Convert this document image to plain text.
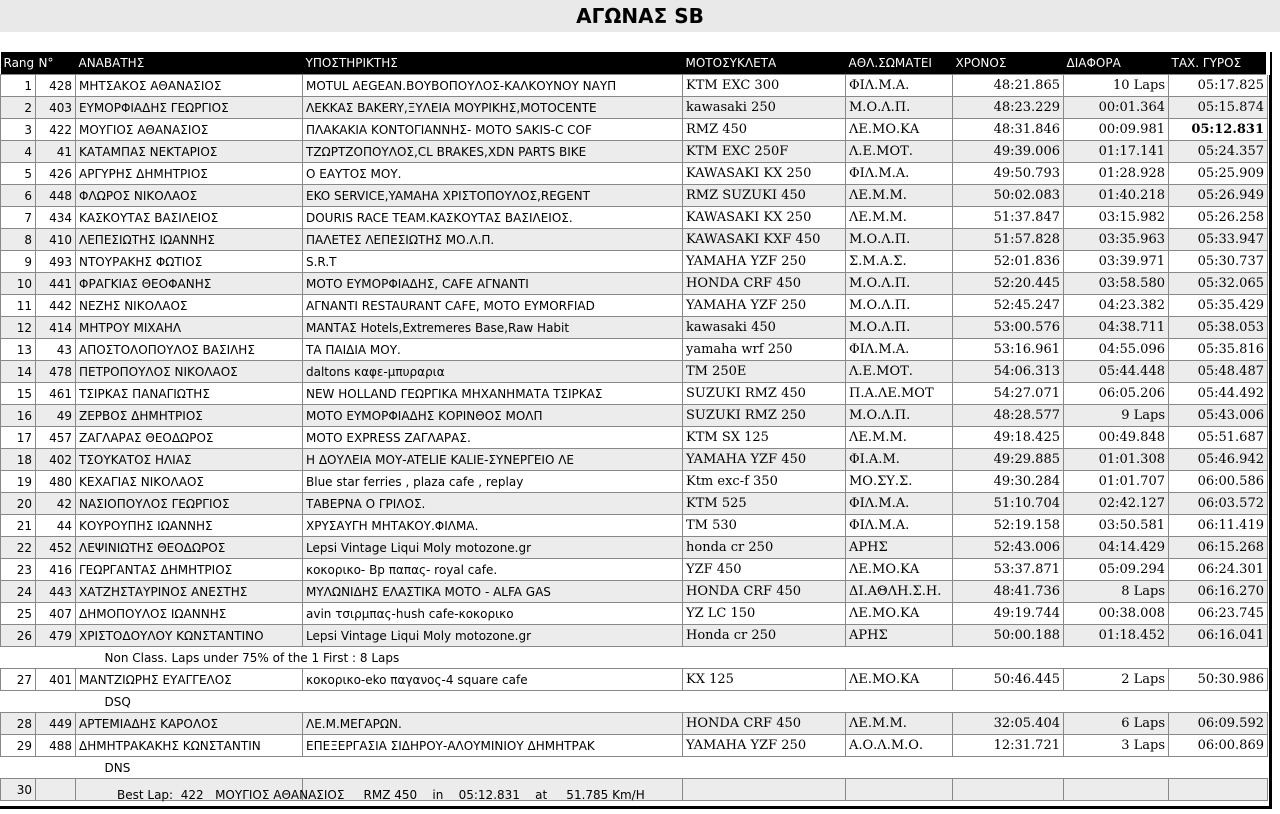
ΑΓΩΝΑΣ SB
Rang	N°	ΑΝΑΒΑΤΗΣ	ΥΠΟΣΤΗΡΙΚΤΗΣ	ΜΟΤΟΣΥΚΛΕΤΑ	ΑΘΛ.ΣΩΜΑΤΕΙ	ΧΡΟΝΟΣ	ΔΙΑΦΟΡΑ	ΤΑΧ. ΓΥΡΟΣ
1	428	ΜΗΤΣΑΚΟΣ ΑΘΑΝΑΣΙΟΣ	MOTUL AEGEAN.ΒΟΥΒΟΠΟΥΛΟΣ-ΚΑΛΚΟΥΝΟΥ ΝΑΥΠ	KTM EXC 300	ΦΙΛ.Μ.Α.	48:21.865	10 Laps	05:17.825
2	403	ΕΥΜΟΡΦΙΑΔΗΣ ΓΕΩΡΓΙΟΣ	ΛΕΚΚΑΣ BAKERY,ΞΥΛΕΙΑ ΜΟΥΡΙΚΗΣ,MOTOCENTE	kawasaki 250	Μ.Ο.Λ.Π.	48:23.229	00:01.364	05:15.874
3	422	ΜΟΥΓΙΟΣ ΑΘΑΝΑΣΙΟΣ	ΠΛΑΚΑΚΙΑ ΚΟΝΤΟΓΙΑΝΝΗΣ- MOTO SAKIS-C COF	RMZ 450	ΛΕ.ΜΟ.ΚΑ	48:31.846	00:09.981	05:12.831
4	41	ΚΑΤΑΜΠΑΣ ΝΕΚΤΑΡΙΟΣ	ΤΖΩΡΤΖΟΠΟΥΛΟΣ,CL BRAKES,XDN PARTS BIKE	KTM EXC 250F	Λ.Ε.ΜΟΤ.	49:39.006	01:17.141	05:24.357
5	426	ΑΡΓΥΡΗΣ ΔΗΜΗΤΡΙΟΣ	Ο ΕΑΥΤΟΣ ΜΟΥ.	KAWASAKI KX 250	ΦΙΛ.Μ.Α.	49:50.793	01:28.928	05:25.909
6	448	ΦΛΩΡΟΣ ΝΙΚΟΛΑΟΣ	EKO SERVICE,YAMAHA ΧΡΙΣΤΟΠΟΥΛΟΣ,REGENT	RMZ SUZUKI 450	ΛΕ.Μ.Μ.	50:02.083	01:40.218	05:26.949
7	434	ΚΑΣΚΟΥΤΑΣ ΒΑΣΙΛΕΙΟΣ	DOURIS RACE TEAM.ΚΑΣΚΟΥΤΑΣ ΒΑΣΙΛΕΙΟΣ.	KAWASAKI KX 250	ΛΕ.Μ.Μ.	51:37.847	03:15.982	05:26.258
8	410	ΛΕΠΕΣΙΩΤΗΣ ΙΩΑΝΝΗΣ	ΠΑΛΕΤΕΣ ΛΕΠΕΣΙΩΤΗΣ ΜΟ.Λ.Π.	KAWASAKI KXF 450	Μ.Ο.Λ.Π.	51:57.828	03:35.963	05:33.947
9	493	ΝΤΟΥΡΑΚΗΣ ΦΩΤΙΟΣ	S.R.T	YAMAHA YZF 250	Σ.Μ.Α.Σ.	52:01.836	03:39.971	05:30.737
10	441	ΦΡΑΓΚΙΑΣ ΘΕΟΦΑΝΗΣ	ΜΟΤΟ ΕΥΜΟΡΦΙΑΔΗΣ, CAFE ΑΓΝΑΝΤΙ	HONDA CRF 450	Μ.Ο.Λ.Π.	52:20.445	03:58.580	05:32.065
11	442	ΝΕΖΗΣ ΝΙΚΟΛΑΟΣ	ΑΓΝΑΝΤΙ RESTAURANT CAFE, MOTO EYMORFIAD	YAMAHA YZF 250	Μ.Ο.Λ.Π.	52:45.247	04:23.382	05:35.429
12	414	ΜΗΤΡΟΥ ΜΙΧΑΗΛ	ΜΑΝΤΑΣ Hotels,Extremeres Base,Raw Habit	kawasaki 450	Μ.Ο.Λ.Π.	53:00.576	04:38.711	05:38.053
13	43	ΑΠΟΣΤΟΛΟΠΟΥΛΟΣ ΒΑΣΙΛΗΣ	ΤΑ ΠΑΙΔΙΑ ΜΟΥ.	yamaha wrf 250	ΦΙΛ.Μ.Α.	53:16.961	04:55.096	05:35.816
14	478	ΠΕΤΡΟΠΟΥΛΟΣ ΝΙΚΟΛΑΟΣ	daltons καφε-μπυραρια	TM 250E	Λ.Ε.ΜΟΤ.	54:06.313	05:44.448	05:48.487
15	461	ΤΣΙΡΚΑΣ ΠΑΝΑΓΙΩΤΗΣ	NEW HOLLAND ΓΕΩΡΓΙΚΑ ΜΗΧΑΝΗΜΑΤΑ ΤΣΙΡΚΑΣ	SUZUKI RMZ 450	Π.Α.ΛΕ.ΜΟΤ	54:27.071	06:05.206	05:44.492
16	49	ΖΕΡΒΟΣ ΔΗΜΗΤΡΙΟΣ	ΜΟΤΟ ΕΥΜΟΡΦΙΑΔΗΣ ΚΟΡΙΝΘΟΣ ΜΟΛΠ	SUZUKI RMZ 250	Μ.Ο.Λ.Π.	48:28.577	9 Laps	05:43.006
17	457	ΖΑΓΛΑΡΑΣ ΘΕΟΔΩΡΟΣ	ΜΟΤΟ EXPRESS ΖΑΓΛΑΡΑΣ.	KTM SX 125	ΛΕ.Μ.Μ.	49:18.425	00:49.848	05:51.687
18	402	ΤΣΟΥΚΑΤΟΣ ΗΛΙΑΣ	Η ΔΟΥΛΕΙΑ ΜΟΥ-ATELIE KALIE-ΣΥΝΕΡΓΕΙΟ ΛΕ	YAMAHA YZF 450	ΦΙ.Α.Μ.	49:29.885	01:01.308	05:46.942
19	480	ΚΕΧΑΓΙΑΣ ΝΙΚΟΛΑΟΣ	Blue star ferries , plaza cafe , replay	Ktm exc-f 350	ΜΟ.ΣΥ.Σ.	49:30.284	01:01.707	06:00.586
20	42	ΝΑΣΙΟΠΟΥΛΟΣ ΓΕΩΡΓΙΟΣ	ΤΑΒΕΡΝΑ Ο ΓΡΙΛΟΣ.	KTM 525	ΦΙΛ.Μ.Α.	51:10.704	02:42.127	06:03.572
21	44	ΚΟΥΡΟΥΠΗΣ ΙΩΑΝΝΗΣ	ΧΡΥΣΑΥΓΗ ΜΗΤΑΚΟΥ.ΦΙΛΜΑ.	TM 530	ΦΙΛ.Μ.Α.	52:19.158	03:50.581	06:11.419
22	452	ΛΕΨΙΝΙΩΤΗΣ ΘΕΟΔΩΡΟΣ	Lepsi Vintage Liqui Moly motozone.gr	honda cr 250	ΑΡΗΣ	52:43.006	04:14.429	06:15.268
23	416	ΓΕΩΡΓΑΝΤΑΣ ΔΗΜΗΤΡΙΟΣ	κοκορικο- Bp παπας- royal cafe.	YZF 450	ΛΕ.ΜΟ.ΚΑ	53:37.871	05:09.294	06:24.301
24	443	ΧΑΤΖΗΣΤΑΥΡΙΝΟΣ ΑΝΕΣΤΗΣ	ΜΥΛΩΝΙΔΗΣ ΕΛΑΣΤΙΚΑ MOTO - ALFA GAS	HONDA CRF 450	ΔΙ.ΑΘΛΗ.Σ.Η.	48:41.736	8 Laps	06:16.270
25	407	ΔΗΜΟΠΟΥΛΟΣ ΙΩΑΝΝΗΣ	avin τσιρμπας-hush cafe-κοκορικο	YZ LC 150	ΛΕ.ΜΟ.ΚΑ	49:19.744	00:38.008	06:23.745
26	479	ΧΡΙΣΤΟΔΟΥΛΟΥ ΚΩΝΣΤΑΝΤΙΝΟ	Lepsi Vintage Liqui Moly motozone.gr	Honda cr 250	ΑΡΗΣ	50:00.188	01:18.452	06:16.041
Non Class. Laps under 75% of the 1 First : 8 Laps								
27	401	ΜΑΝΤΖΙΩΡΗΣ ΕΥΑΓΓΕΛΟΣ	κοκορικο-eko παγανος-4 square cafe	KX 125	ΛΕ.ΜΟ.ΚΑ	50:46.445	2 Laps	50:30.986
DSQ								
28	449	ΑΡΤΕΜΙΑΔΗΣ ΚΑΡΟΛΟΣ	ΛΕ.Μ.ΜΕΓΑΡΩΝ.	HONDA CRF 450	ΛΕ.Μ.Μ.	32:05.404	6 Laps	06:09.592
29	488	ΔΗΜΗΤΡΑΚΑΚΗΣ ΚΩΝΣΤΑΝΤΙΝ	ΕΠΕΞΕΡΓΑΣΙΑ ΣΙΔΗΡΟΥ-ΑΛΟΥΜΙΝΙΟΥ ΔΗΜΗΤΡΑΚ	YAMAHA YZF 250	Α.Ο.Λ.Μ.Ο.	12:31.721	3 Laps	06:00.869
DNS								
30									Best Lap:  422   ΜΟΥΓΙΟΣ ΑΘΑΝΑΣΙΟΣ     RMZ 450    in    05:12.831    at     51.785 Km/H
